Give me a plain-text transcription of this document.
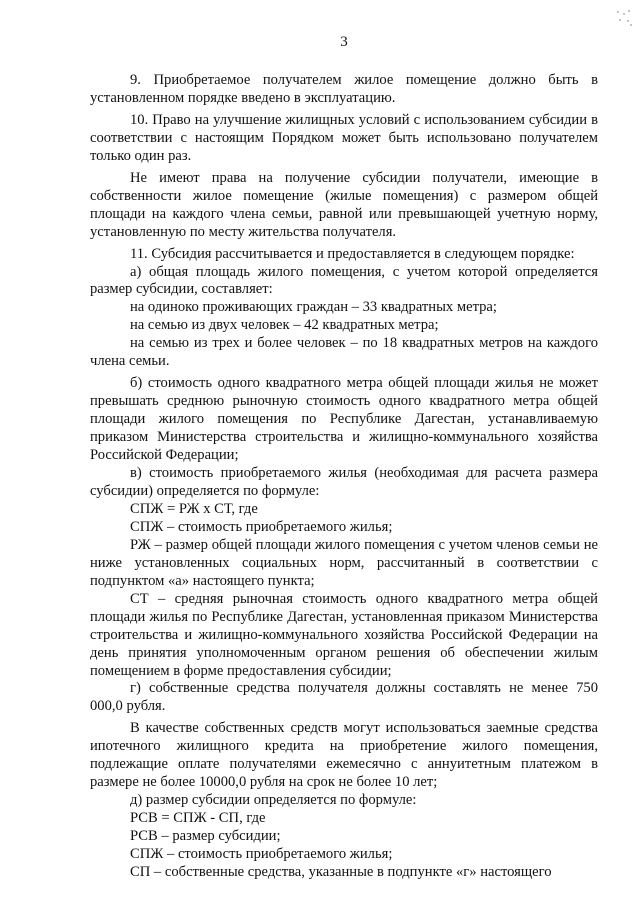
3

9. Приобретаемое получателем жилое помещение должно быть в установленном порядке введено в эксплуатацию.

10. Право на улучшение жилищных условий с использованием субсидии в соответствии с настоящим Порядком может быть использовано получателем только один раз.

Не имеют права на получение субсидии получатели, имеющие в собственности жилое помещение (жилые помещения) с размером общей площади на каждого члена семьи, равной или превышающей учетную норму, установленную по месту жительства получателя.

11. Субсидия рассчитывается и предоставляется в следующем порядке:

а) общая площадь жилого помещения, с учетом которой определяется размер субсидии, составляет:

на одиноко проживающих граждан – 33 квадратных метра;

на семью из двух человек – 42 квадратных метра;

на семью из трех и более человек – по 18 квадратных метров на каждого члена семьи.

б) стоимость одного квадратного метра общей площади жилья не может превышать среднюю рыночную стоимость одного квадратного метра общей площади жилого помещения по Республике Дагестан, устанавливаемую приказом Министерства строительства и жилищно-коммунального хозяйства Российской Федерации;

в) стоимость приобретаемого жилья (необходимая для расчета размера субсидии) определяется по формуле:

СПЖ = РЖ х СТ, где

СПЖ – стоимость приобретаемого жилья;

РЖ – размер общей площади жилого помещения с учетом членов семьи не ниже установленных социальных норм, рассчитанный в соответствии с подпунктом «а» настоящего пункта;

СТ – средняя рыночная стоимость одного квадратного метра общей площади жилья по Республике Дагестан, установленная приказом Министерства строительства и жилищно-коммунального хозяйства Российской Федерации на день принятия уполномоченным органом решения об обеспечении жилым помещением в форме предоставления субсидии;

г) собственные средства получателя должны составлять не менее 750 000,0 рубля.

В качестве собственных средств могут использоваться заемные средства ипотечного жилищного кредита на приобретение жилого помещения, подлежащие оплате получателями ежемесячно с аннуитетным платежом в размере не более 10000,0 рубля на срок не более 10 лет;

д) размер субсидии определяется по формуле:

РСВ = СПЖ - СП, где

РСВ – размер субсидии;

СПЖ – стоимость приобретаемого жилья;

СП – собственные средства, указанные в подпункте «г» настоящего
